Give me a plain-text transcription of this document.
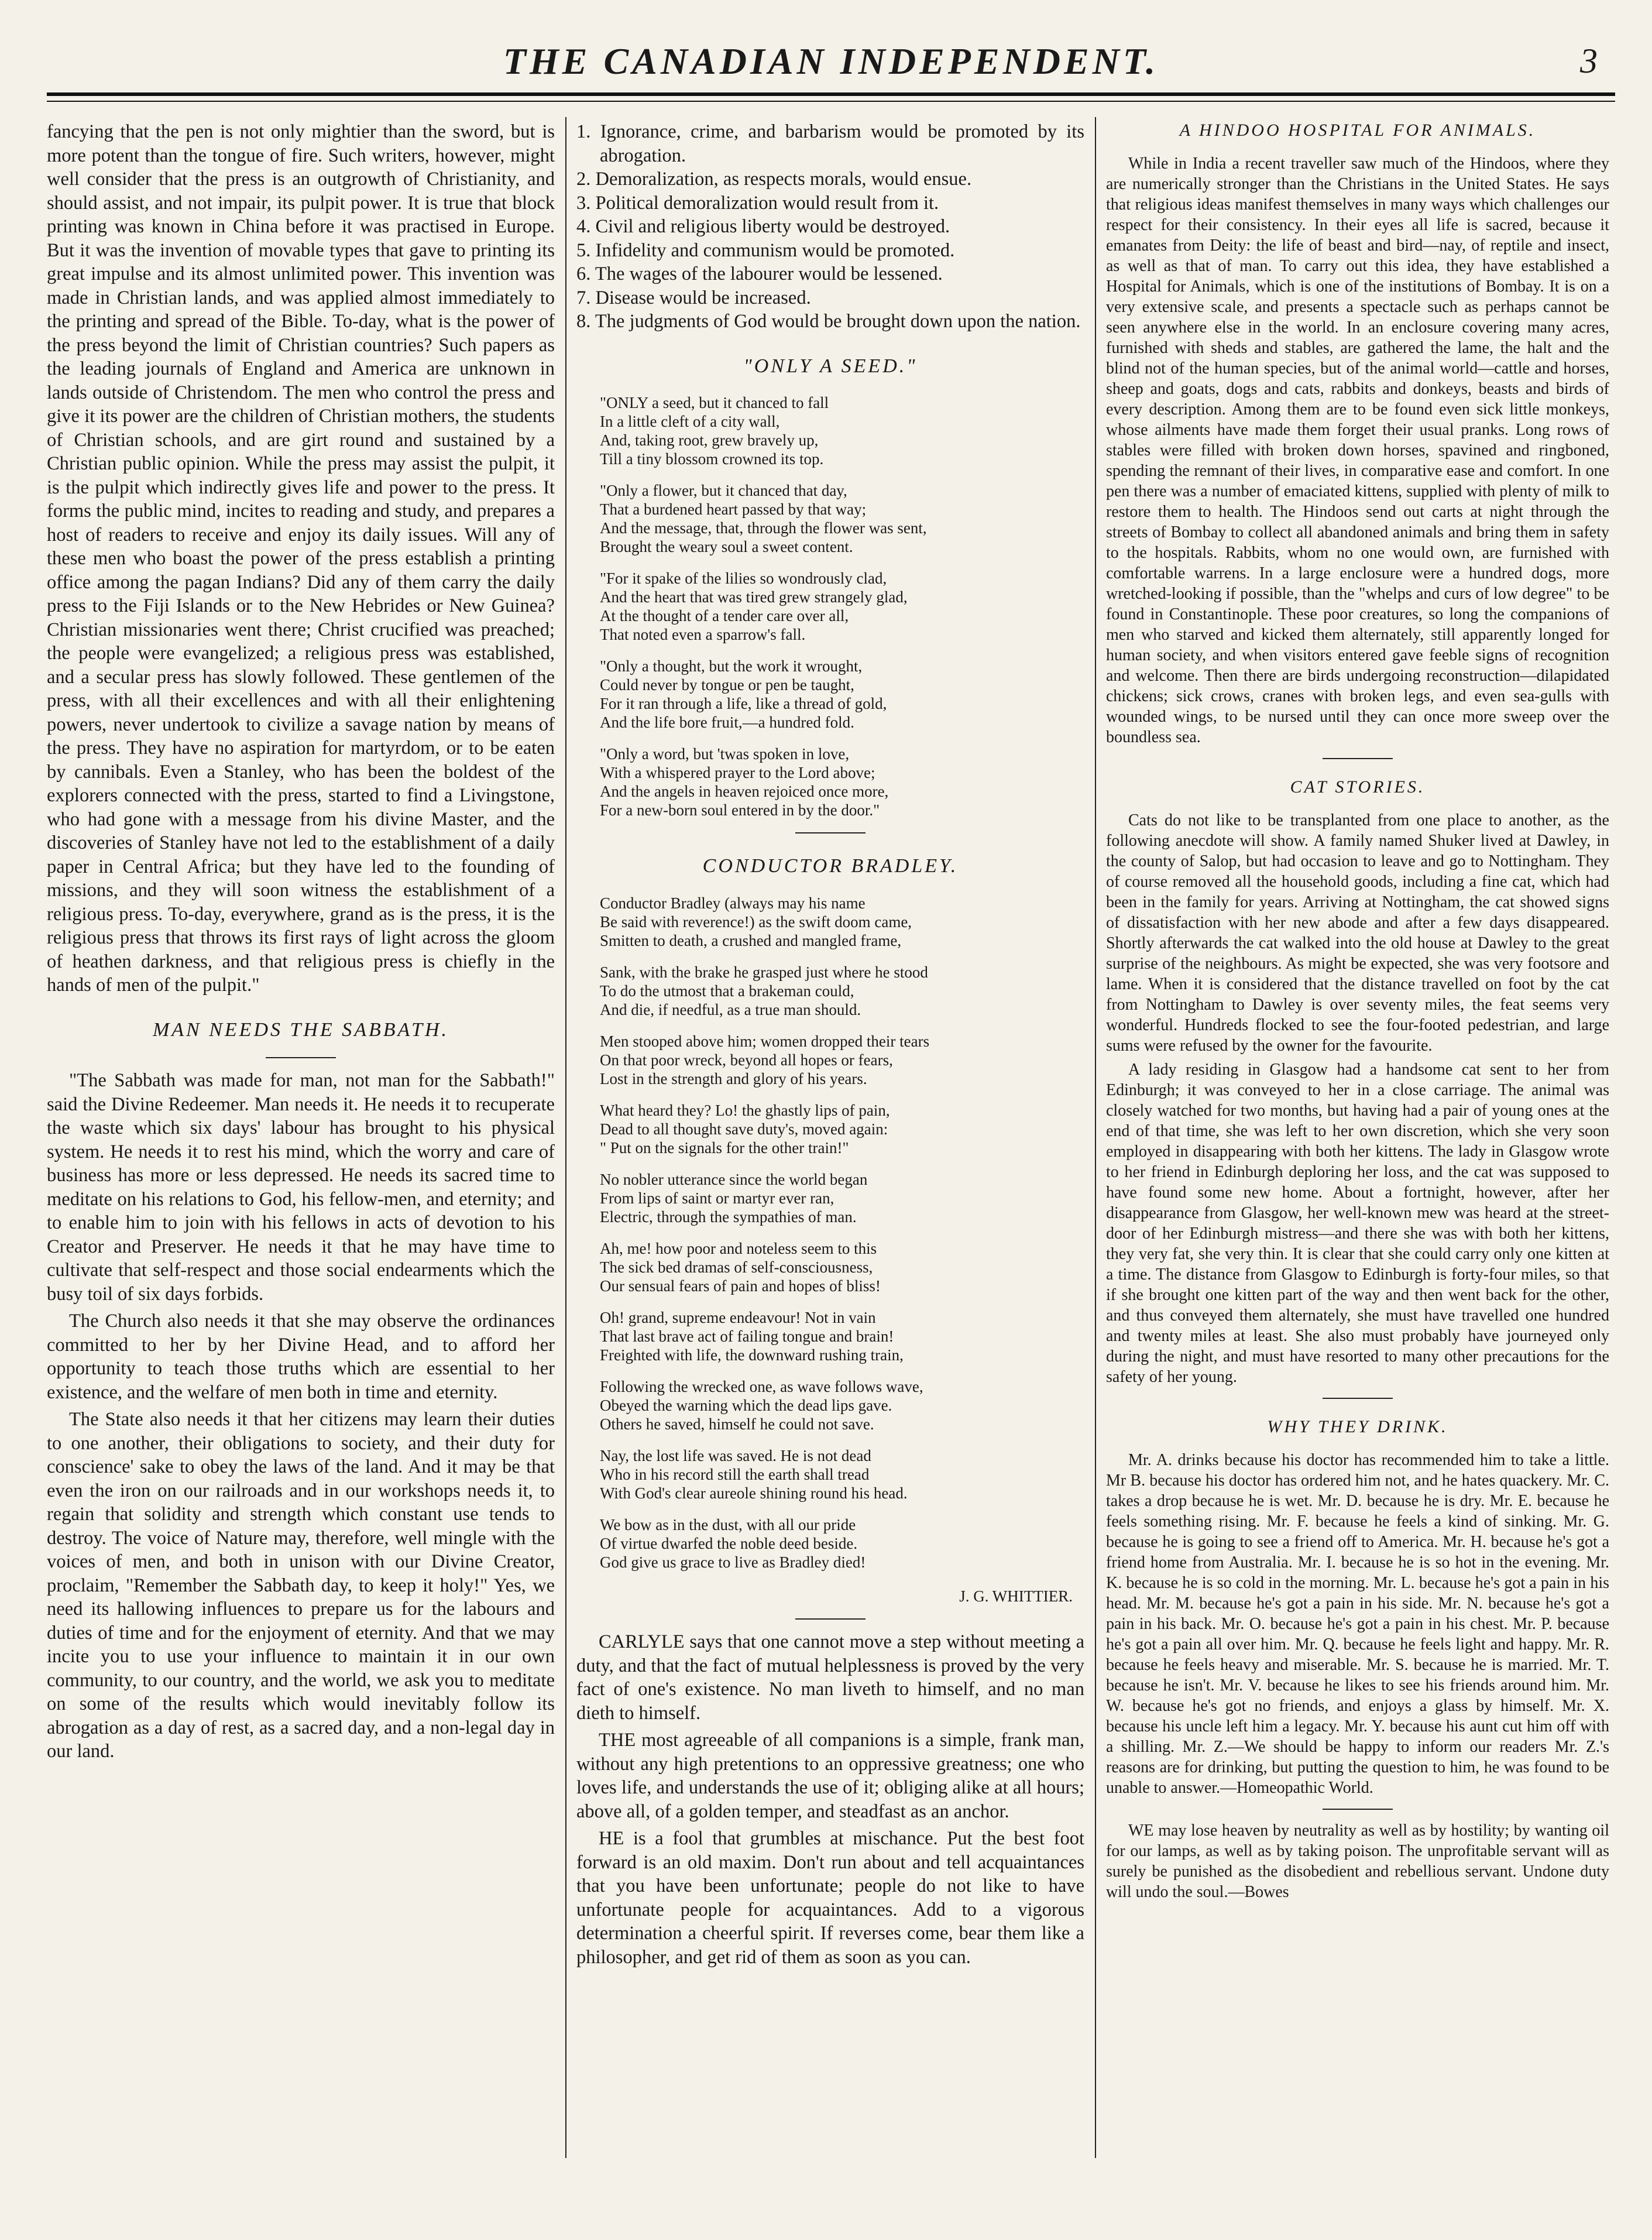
THE CANADIAN INDEPENDENT.	3

fancying that the pen is not only mightier than the sword, but is more potent than the tongue of fire. Such writers, however, might well consider that the press is an outgrowth of Christianity, and should assist, and not impair, its pulpit power. It is true that block printing was known in China before it was practised in Europe. But it was the invention of movable types that gave to printing its great impulse and its almost unlimited power. This invention was made in Christian lands, and was applied almost immediately to the printing and spread of the Bible. To-day, what is the power of the press beyond the limit of Christian countries? Such papers as the leading journals of England and America are unknown in lands outside of Christendom. The men who control the press and give it its power are the children of Christian mothers, the students of Christian schools, and are girt round and sustained by a Christian public opinion. While the press may assist the pulpit, it is the pulpit which indirectly gives life and power to the press. It forms the public mind, incites to reading and study, and prepares a host of readers to receive and enjoy its daily issues. Will any of these men who boast the power of the press establish a printing office among the pagan Indians? Did any of them carry the daily press to the Fiji Islands or to the New Hebrides or New Guinea? Christian missionaries went there; Christ crucified was preached; the people were evangelized; a religious press was established, and a secular press has slowly followed. These gentlemen of the press, with all their excellences and with all their enlightening powers, never undertook to civilize a savage nation by means of the press. They have no aspiration for martyrdom, or to be eaten by cannibals. Even a Stanley, who has been the boldest of the explorers connected with the press, started to find a Livingstone, who had gone with a message from his divine Master, and the discoveries of Stanley have not led to the establishment of a daily paper in Central Africa; but they have led to the founding of missions, and they will soon witness the establishment of a religious press. To-day, everywhere, grand as is the press, it is the religious press that throws its first rays of light across the gloom of heathen darkness, and that religious press is chiefly in the hands of men of the pulpit."

MAN NEEDS THE SABBATH.

"The Sabbath was made for man, not man for the Sabbath!" said the Divine Redeemer. Man needs it. He needs it to recuperate the waste which six days' labour has brought to his physical system. He needs it to rest his mind, which the worry and care of business has more or less depressed. He needs its sacred time to meditate on his relations to God, his fellow-men, and eternity; and to enable him to join with his fellows in acts of devotion to his Creator and Preserver. He needs it that he may have time to cultivate that self-respect and those social endearments which the busy toil of six days forbids.

The Church also needs it that she may observe the ordinances committed to her by her Divine Head, and to afford her opportunity to teach those truths which are essential to her existence, and the welfare of men both in time and eternity.

The State also needs it that her citizens may learn their duties to one another, their obligations to society, and their duty for conscience' sake to obey the laws of the land. And it may be that even the iron on our railroads and in our workshops needs it, to regain that solidity and strength which constant use tends to destroy. The voice of Nature may, therefore, well mingle with the voices of men, and both in unison with our Divine Creator, proclaim, "Remember the Sabbath day, to keep it holy!" Yes, we need its hallowing influences to prepare us for the labours and duties of time and for the enjoyment of eternity. And that we may incite you to use your influence to maintain it in our own community, to our country, and the world, we ask you to meditate on some of the results which would inevitably follow its abrogation as a day of rest, as a sacred day, and a non-legal day in our land.

1. Ignorance, crime, and barbarism would be promoted by its abrogation.
2. Demoralization, as respects morals, would ensue.
3. Political demoralization would result from it.
4. Civil and religious liberty would be destroyed.
5. Infidelity and communism would be promoted.
6. The wages of the labourer would be lessened.
7. Disease would be increased.
8. The judgments of God would be brought down upon the nation.
"ONLY A SEED."
"ONLY a seed, but it chanced to fall
In a little cleft of a city wall,
And, taking root, grew bravely up,
Till a tiny blossom crowned its top.
"Only a flower, but it chanced that day,
That a burdened heart passed by that way;
And the message, that, through the flower was sent,
Brought the weary soul a sweet content.
"For it spake of the lilies so wondrously clad,
And the heart that was tired grew strangely glad,
At the thought of a tender care over all,
That noted even a sparrow's fall.
"Only a thought, but the work it wrought,
Could never by tongue or pen be taught,
For it ran through a life, like a thread of gold,
And the life bore fruit,—a hundred fold.
"Only a word, but 'twas spoken in love,
With a whispered prayer to the Lord above;
And the angels in heaven rejoiced once more,
For a new-born soul entered in by the door."
CONDUCTOR BRADLEY.
Conductor Bradley (always may his name
Be said with reverence!) as the swift doom came,
Smitten to death, a crushed and mangled frame,
Sank, with the brake he grasped just where he stood
To do the utmost that a brakeman could,
And die, if needful, as a true man should.
Men stooped above him; women dropped their tears
On that poor wreck, beyond all hopes or fears,
Lost in the strength and glory of his years.
What heard they? Lo! the ghastly lips of pain,
Dead to all thought save duty's, moved again:
" Put on the signals for the other train!"
No nobler utterance since the world began
From lips of saint or martyr ever ran,
Electric, through the sympathies of man.
Ah, me! how poor and noteless seem to this
The sick bed dramas of self-consciousness,
Our sensual fears of pain and hopes of bliss!
Oh! grand, supreme endeavour! Not in vain
That last brave act of failing tongue and brain!
Freighted with life, the downward rushing train,
Following the wrecked one, as wave follows wave,
Obeyed the warning which the dead lips gave.
Others he saved, himself he could not save.
Nay, the lost life was saved. He is not dead
Who in his record still the earth shall tread
With God's clear aureole shining round his head.
We bow as in the dust, with all our pride
Of virtue dwarfed the noble deed beside.
God give us grace to live as Bradley died!
J. G. WHITTIER.

CARLYLE says that one cannot move a step without meeting a duty, and that the fact of mutual helplessness is proved by the very fact of one's existence. No man liveth to himself, and no man dieth to himself.

THE most agreeable of all companions is a simple, frank man, without any high pretentions to an oppressive greatness; one who loves life, and understands the use of it; obliging alike at all hours; above all, of a golden temper, and steadfast as an anchor.

HE is a fool that grumbles at mischance. Put the best foot forward is an old maxim. Don't run about and tell acquaintances that you have been unfortunate; people do not like to have unfortunate people for acquaintances. Add to a vigorous determination a cheerful spirit. If reverses come, bear them like a philosopher, and get rid of them as soon as you can.

A HINDOO HOSPITAL FOR ANIMALS.

While in India a recent traveller saw much of the Hindoos, where they are numerically stronger than the Christians in the United States. He says that religious ideas manifest themselves in many ways which challenges our respect for their consistency. In their eyes all life is sacred, because it emanates from Deity: the life of beast and bird—nay, of reptile and insect, as well as that of man. To carry out this idea, they have established a Hospital for Animals, which is one of the institutions of Bombay. It is on a very extensive scale, and presents a spectacle such as perhaps cannot be seen anywhere else in the world. In an enclosure covering many acres, furnished with sheds and stables, are gathered the lame, the halt and the blind not of the human species, but of the animal world—cattle and horses, sheep and goats, dogs and cats, rabbits and donkeys, beasts and birds of every description. Among them are to be found even sick little monkeys, whose ailments have made them forget their usual pranks. Long rows of stables were filled with broken down horses, spavined and ringboned, spending the remnant of their lives, in comparative ease and comfort. In one pen there was a number of emaciated kittens, supplied with plenty of milk to restore them to health. The Hindoos send out carts at night through the streets of Bombay to collect all abandoned animals and bring them in safety to the hospitals. Rabbits, whom no one would own, are furnished with comfortable warrens. In a large enclosure were a hundred dogs, more wretched-looking if possible, than the "whelps and curs of low degree" to be found in Constantinople. These poor creatures, so long the companions of men who starved and kicked them alternately, still apparently longed for human society, and when visitors entered gave feeble signs of recognition and welcome. Then there are birds undergoing reconstruction—dilapidated chickens; sick crows, cranes with broken legs, and even sea-gulls with wounded wings, to be nursed until they can once more sweep over the boundless sea.

CAT STORIES.

Cats do not like to be transplanted from one place to another, as the following anecdote will show. A family named Shuker lived at Dawley, in the county of Salop, but had occasion to leave and go to Nottingham. They of course removed all the household goods, including a fine cat, which had been in the family for years. Arriving at Nottingham, the cat showed signs of dissatisfaction with her new abode and after a few days disappeared. Shortly afterwards the cat walked into the old house at Dawley to the great surprise of the neighbours. As might be expected, she was very footsore and lame. When it is considered that the distance travelled on foot by the cat from Nottingham to Dawley is over seventy miles, the feat seems very wonderful. Hundreds flocked to see the four-footed pedestrian, and large sums were refused by the owner for the favourite.

A lady residing in Glasgow had a handsome cat sent to her from Edinburgh; it was conveyed to her in a close carriage. The animal was closely watched for two months, but having had a pair of young ones at the end of that time, she was left to her own discretion, which she very soon employed in disappearing with both her kittens. The lady in Glasgow wrote to her friend in Edinburgh deploring her loss, and the cat was supposed to have found some new home. About a fortnight, however, after her disappearance from Glasgow, her well-known mew was heard at the street-door of her Edinburgh mistress—and there she was with both her kittens, they very fat, she very thin. It is clear that she could carry only one kitten at a time. The distance from Glasgow to Edinburgh is forty-four miles, so that if she brought one kitten part of the way and then went back for the other, and thus conveyed them alternately, she must have travelled one hundred and twenty miles at least. She also must probably have journeyed only during the night, and must have resorted to many other precautions for the safety of her young.

WHY THEY DRINK.

Mr. A. drinks because his doctor has recommended him to take a little. Mr B. because his doctor has ordered him not, and he hates quackery. Mr. C. takes a drop because he is wet. Mr. D. because he is dry. Mr. E. because he feels something rising. Mr. F. because he feels a kind of sinking. Mr. G. because he is going to see a friend off to America. Mr. H. because he's got a friend home from Australia. Mr. I. because he is so hot in the evening. Mr. K. because he is so cold in the morning. Mr. L. because he's got a pain in his head. Mr. M. because he's got a pain in his side. Mr. N. because he's got a pain in his back. Mr. O. because he's got a pain in his chest. Mr. P. because he's got a pain all over him. Mr. Q. because he feels light and happy. Mr. R. because he feels heavy and miserable. Mr. S. because he is married. Mr. T. because he isn't. Mr. V. because he likes to see his friends around him. Mr. W. because he's got no friends, and enjoys a glass by himself. Mr. X. because his uncle left him a legacy. Mr. Y. because his aunt cut him off with a shilling. Mr. Z.—We should be happy to inform our readers Mr. Z.'s reasons are for drinking, but putting the question to him, he was found to be unable to answer.—Homeopathic World.

WE may lose heaven by neutrality as well as by hostility; by wanting oil for our lamps, as well as by taking poison. The unprofitable servant will as surely be punished as the disobedient and rebellious servant. Undone duty will undo the soul.—Bowes
